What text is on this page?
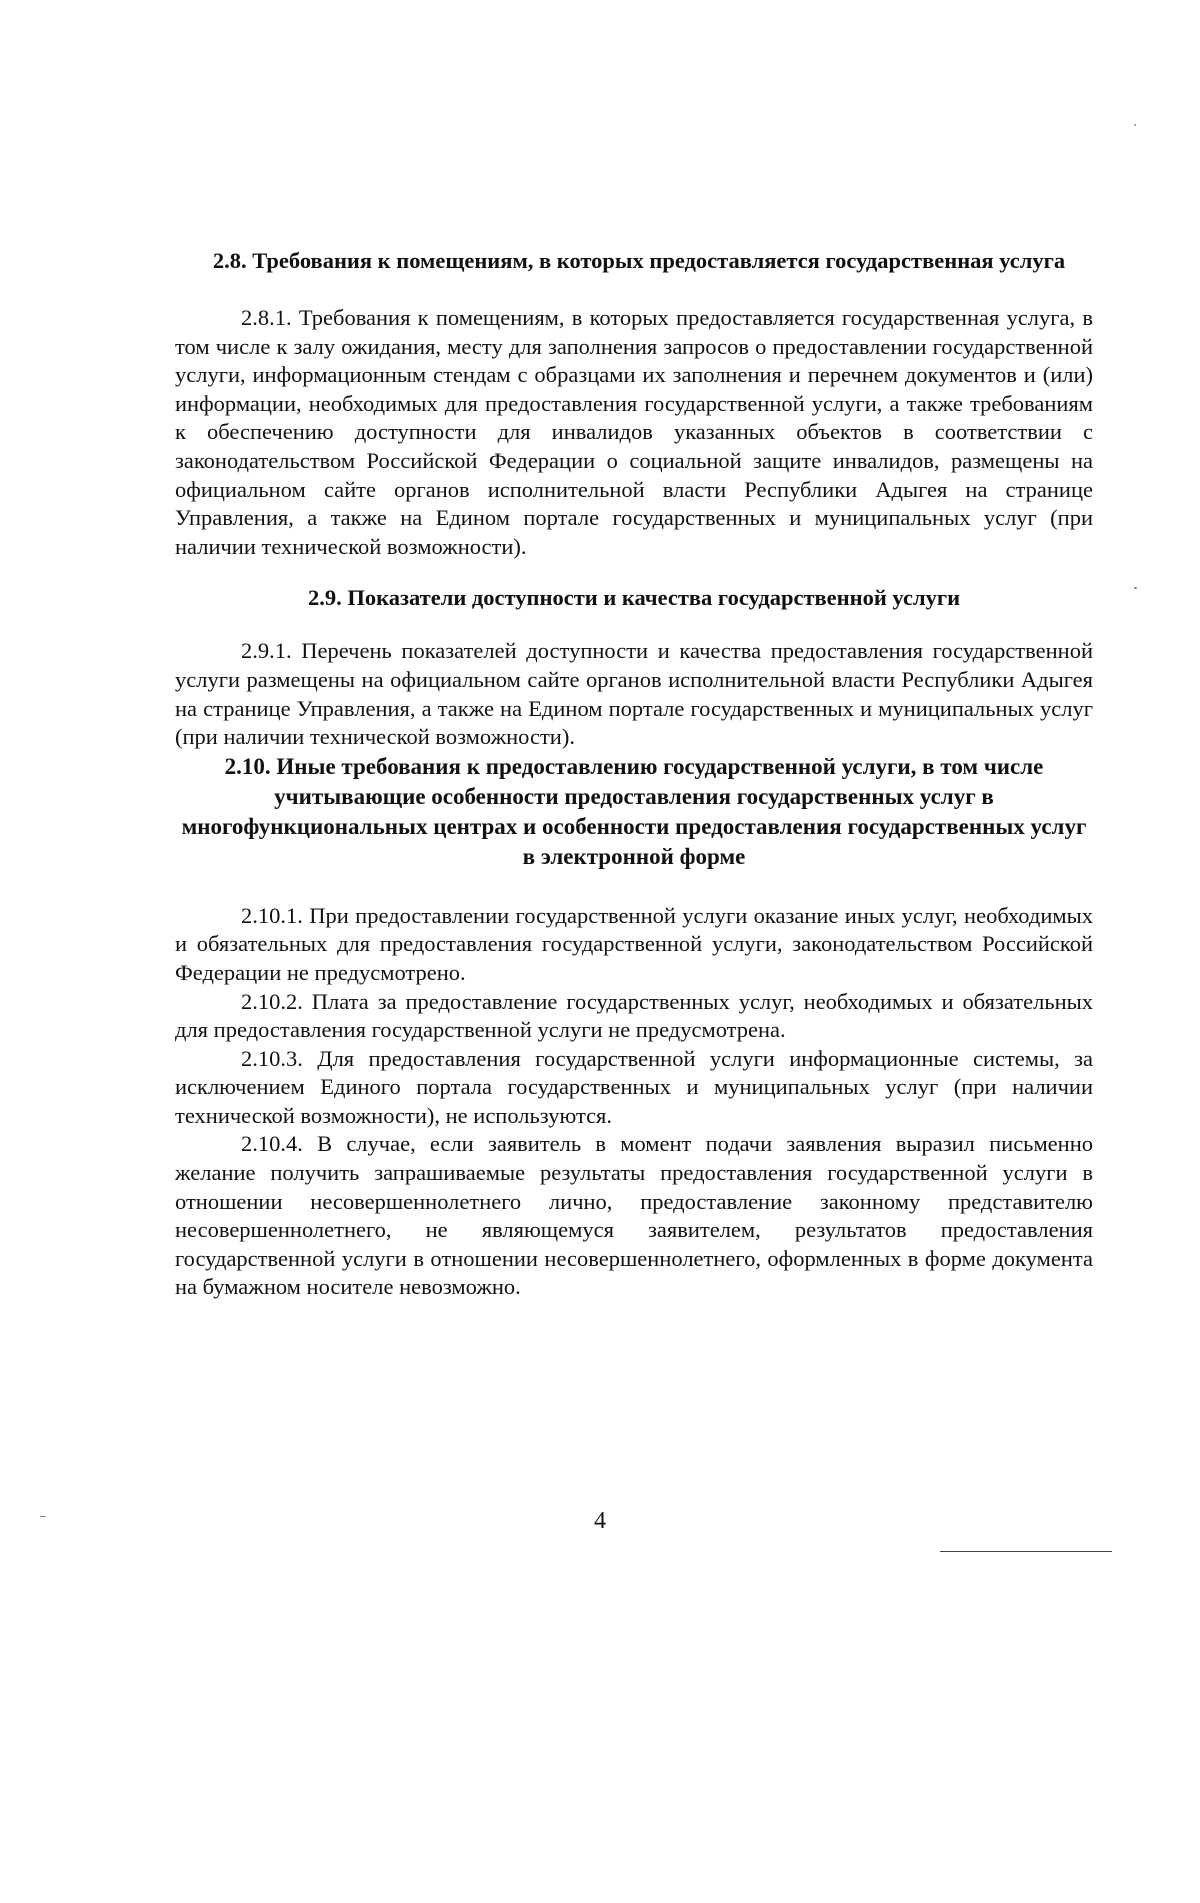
2.8. Требования к помещениям, в которых предоставляется государственная услуга

2.8.1. Требования к помещениям, в которых предоставляется государственная услуга, в том числе к залу ожидания, месту для заполнения запросов о предоставлении государственной услуги, информационным стендам с образцами их заполнения и перечнем документов и (или) информации, необходимых для предоставления государственной услуги, а также требованиям к обеспечению доступности для инвалидов указанных объектов в соответствии с законодательством Российской Федерации о социальной защите инвалидов, размещены на официальном сайте органов исполнительной власти Республики Адыгея на странице Управления, а также на Едином портале государственных и муниципальных услуг (при наличии технической возможности).

2.9. Показатели доступности и качества государственной услуги

2.9.1. Перечень показателей доступности и качества предоставления государственной услуги размещены на официальном сайте органов исполнительной власти Республики Адыгея на странице Управления, а также на Едином портале государственных и муниципальных услуг (при наличии технической возможности).

2.10. Иные требования к предоставлению государственной услуги, в том числе учитывающие особенности предоставления государственных услуг в многофункциональных центрах и особенности предоставления государственных услуг в электронной форме

2.10.1. При предоставлении государственной услуги оказание иных услуг, необходимых и обязательных для предоставления государственной услуги, законодательством Российской Федерации не предусмотрено.

2.10.2. Плата за предоставление государственных услуг, необходимых и обязательных для предоставления государственной услуги не предусмотрена.

2.10.3. Для предоставления государственной услуги информационные системы, за исключением Единого портала государственных и муниципальных услуг (при наличии технической возможности), не используются.

2.10.4. В случае, если заявитель в момент подачи заявления выразил письменно желание получить запрашиваемые результаты предоставления государственной услуги в отношении несовершеннолетнего лично, предоставление законному представителю несовершеннолетнего, не являющемуся заявителем, результатов предоставления государственной услуги в отношении несовершеннолетнего, оформленных в форме документа на бумажном носителе невозможно.

4
